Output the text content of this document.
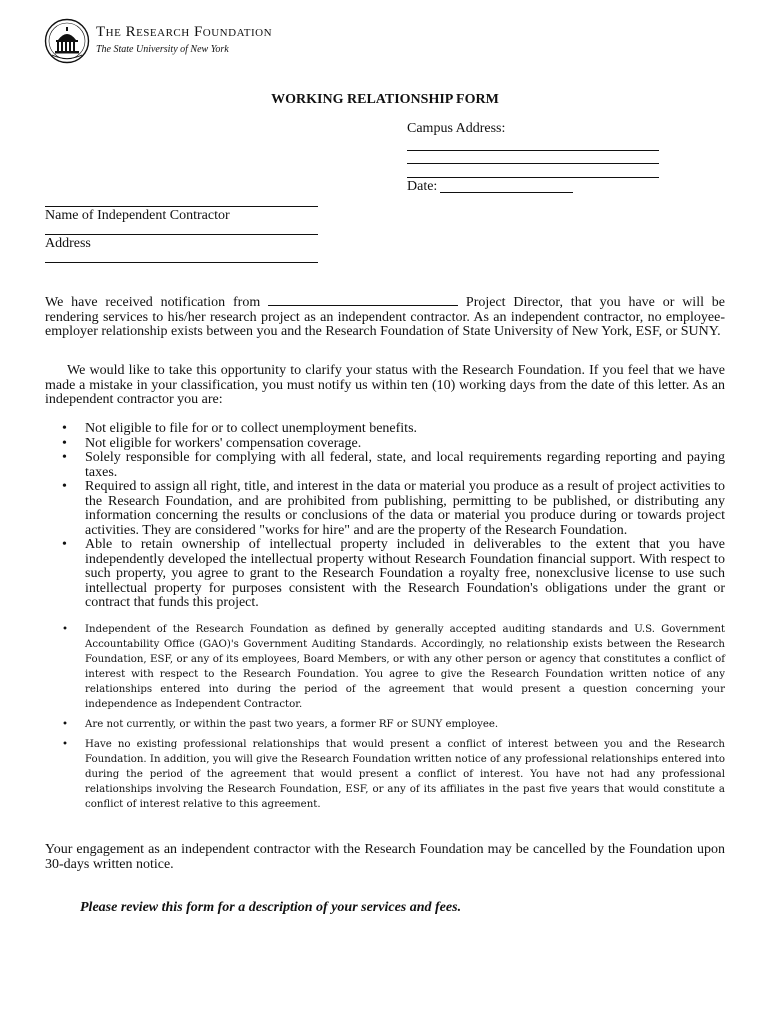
The Research Foundation
The State University of New York
WORKING RELATIONSHIP FORM
Campus Address:
Date:
Name of Independent Contractor
Address
We have received notification from	Project Director, that you have or will be rendering services to his/her research project as an independent contractor. As an independent contractor, no employee-employer relationship exists between you and the Research Foundation of State University of New York, ESF, or SUNY.
We would like to take this opportunity to clarify your status with the Research Foundation. If you feel that we have made a mistake in your classification, you must notify us within ten (10) working days from the date of this letter. As an independent contractor you are:
• Not eligible to file for or to collect unemployment benefits.
• Not eligible for workers' compensation coverage.
• Solely responsible for complying with all federal, state, and local requirements regarding reporting and paying taxes.
• Required to assign all right, title, and interest in the data or material you produce as a result of project activities to the Research Foundation, and are prohibited from publishing, permitting to be published, or distributing any information concerning the results or conclusions of the data or material you produce during or towards project activities. They are considered "works for hire" and are the property of the Research Foundation.
• Able to retain ownership of intellectual property included in deliverables to the extent that you have independently developed the intellectual property without Research Foundation financial support. With respect to such property, you agree to grant to the Research Foundation a royalty free, nonexclusive license to use such intellectual property for purposes consistent with the Research Foundation's obligations under the grant or contract that funds this project.
• Independent of the Research Foundation as defined by generally accepted auditing standards and U.S. Government Accountability Office (GAO)'s Government Auditing Standards. Accordingly, no relationship exists between the Research Foundation, ESF, or any of its employees, Board Members, or with any other person or agency that constitutes a conflict of interest with respect to the Research Foundation. You agree to give the Research Foundation written notice of any relationships entered into during the period of the agreement that would present a question concerning your independence as Independent Contractor.
• Are not currently, or within the past two years, a former RF or SUNY employee.
• Have no existing professional relationships that would present a conflict of interest between you and the Research Foundation. In addition, you will give the Research Foundation written notice of any professional relationships entered into during the period of the agreement that would present a conflict of interest. You have not had any professional relationships involving the Research Foundation, ESF, or any of its affiliates in the past five years that would constitute a conflict of interest relative to this agreement.
Your engagement as an independent contractor with the Research Foundation may be cancelled by the Foundation upon 30-days written notice.
Please review this form for a description of your services and fees.
